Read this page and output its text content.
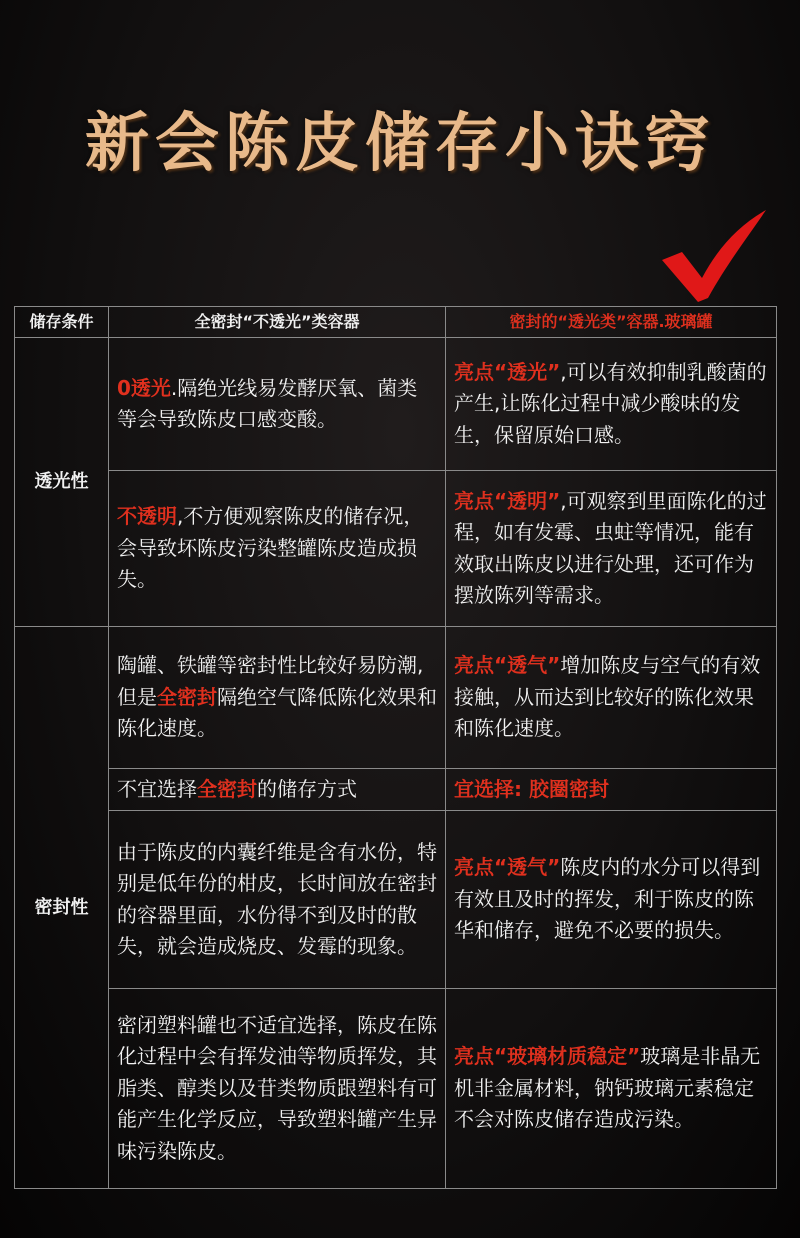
新会陈皮储存小诀窍
储存条件	全密封“不透光”类容器	密封的“透光类”容器.玻璃罐
透光性	0透光.隔绝光线易发酵厌氧、菌类等会导致陈皮口感变酸。	亮点“透光”,可以有效抑制乳酸菌的产生,让陈化过程中减少酸味的发生，保留原始口感。
	不透明,不方便观察陈皮的储存况，会导致坏陈皮污染整罐陈皮造成损失。	亮点“透明”,可观察到里面陈化的过程，如有发霉、虫蛀等情况，能有效取出陈皮以进行处理，还可作为摆放陈列等需求。
密封性	陶罐、铁罐等密封性比较好易防潮,但是全密封隔绝空气降低陈化效果和陈化速度。	亮点“透气”增加陈皮与空气的有效接触，从而达到比较好的陈化效果和陈化速度。
	不宜选择全密封的储存方式	宜选择: 胶圈密封
	由于陈皮的内囊纤维是含有水份，特别是低年份的柑皮，长时间放在密封的容器里面，水份得不到及时的散失，就会造成烧皮、发霉的现象。	亮点“透气”陈皮内的水分可以得到有效且及时的挥发，利于陈皮的陈华和储存，避免不必要的损失。
	密闭塑料罐也不适宜选择，陈皮在陈化过程中会有挥发油等物质挥发，其脂类、醇类以及苷类物质跟塑料有可能产生化学反应，导致塑料罐产生异味污染陈皮。	亮点“玻璃材质稳定”玻璃是非晶无机非金属材料，钠钙玻璃元素稳定不会对陈皮储存造成污染。
